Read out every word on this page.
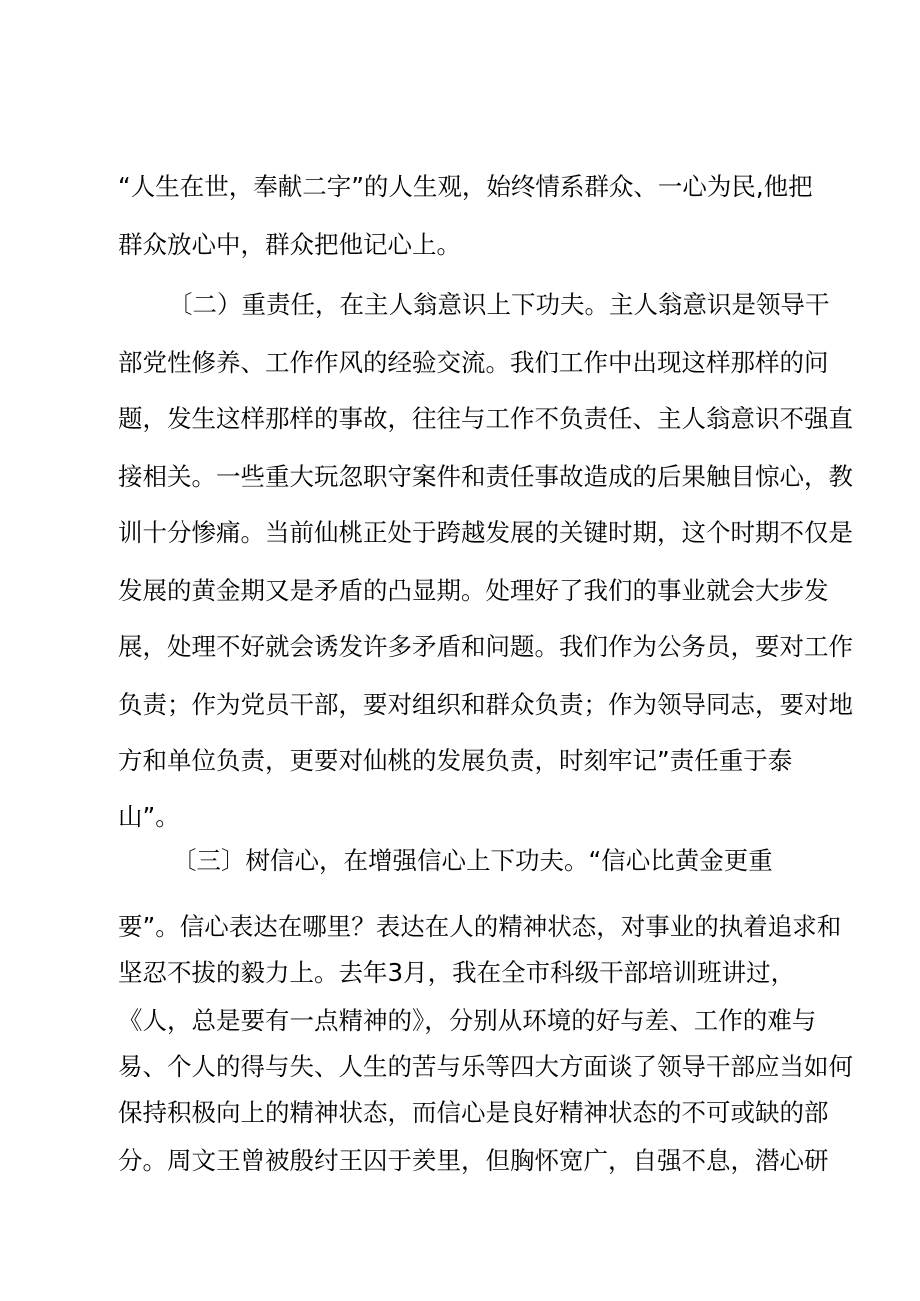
“人生在世，奉献二字”的人生观，始终情系群众、一心为民,他把
群众放心中，群众把他记心上。
〔二）重责任，在主人翁意识上下功夫。主人翁意识是领导干
部党性修养、工作作风的经验交流。我们工作中出现这样那样的问
题，发生这样那样的事故，往往与工作不负责任、主人翁意识不强直
接相关。一些重大玩忽职守案件和责任事故造成的后果触目惊心，教
训十分惨痛。当前仙桃正处于跨越发展的关键时期，这个时期不仅是
发展的黄金期又是矛盾的凸显期。处理好了我们的事业就会大步发
展，处理不好就会诱发许多矛盾和问题。我们作为公务员，要对工作
负责；作为党员干部，要对组织和群众负责；作为领导同志，要对地
方和单位负责，更要对仙桃的发展负责，时刻牢记”责任重于泰
山”。
〔三〕树信心，在增强信心上下功夫。“信心比黄金更重
要”。信心表达在哪里？表达在人的精神状态，对事业的执着追求和
坚忍不拔的毅力上。去年3月，我在全市科级干部培训班讲过，
《人，总是要有一点精神的》，分别从环境的好与差、工作的难与
易、个人的得与失、人生的苦与乐等四大方面谈了领导干部应当如何
保持积极向上的精神状态，而信心是良好精神状态的不可或缺的部
分。周文王曾被殷纣王囚于羑里，但胸怀宽广，自强不息，潜心研
